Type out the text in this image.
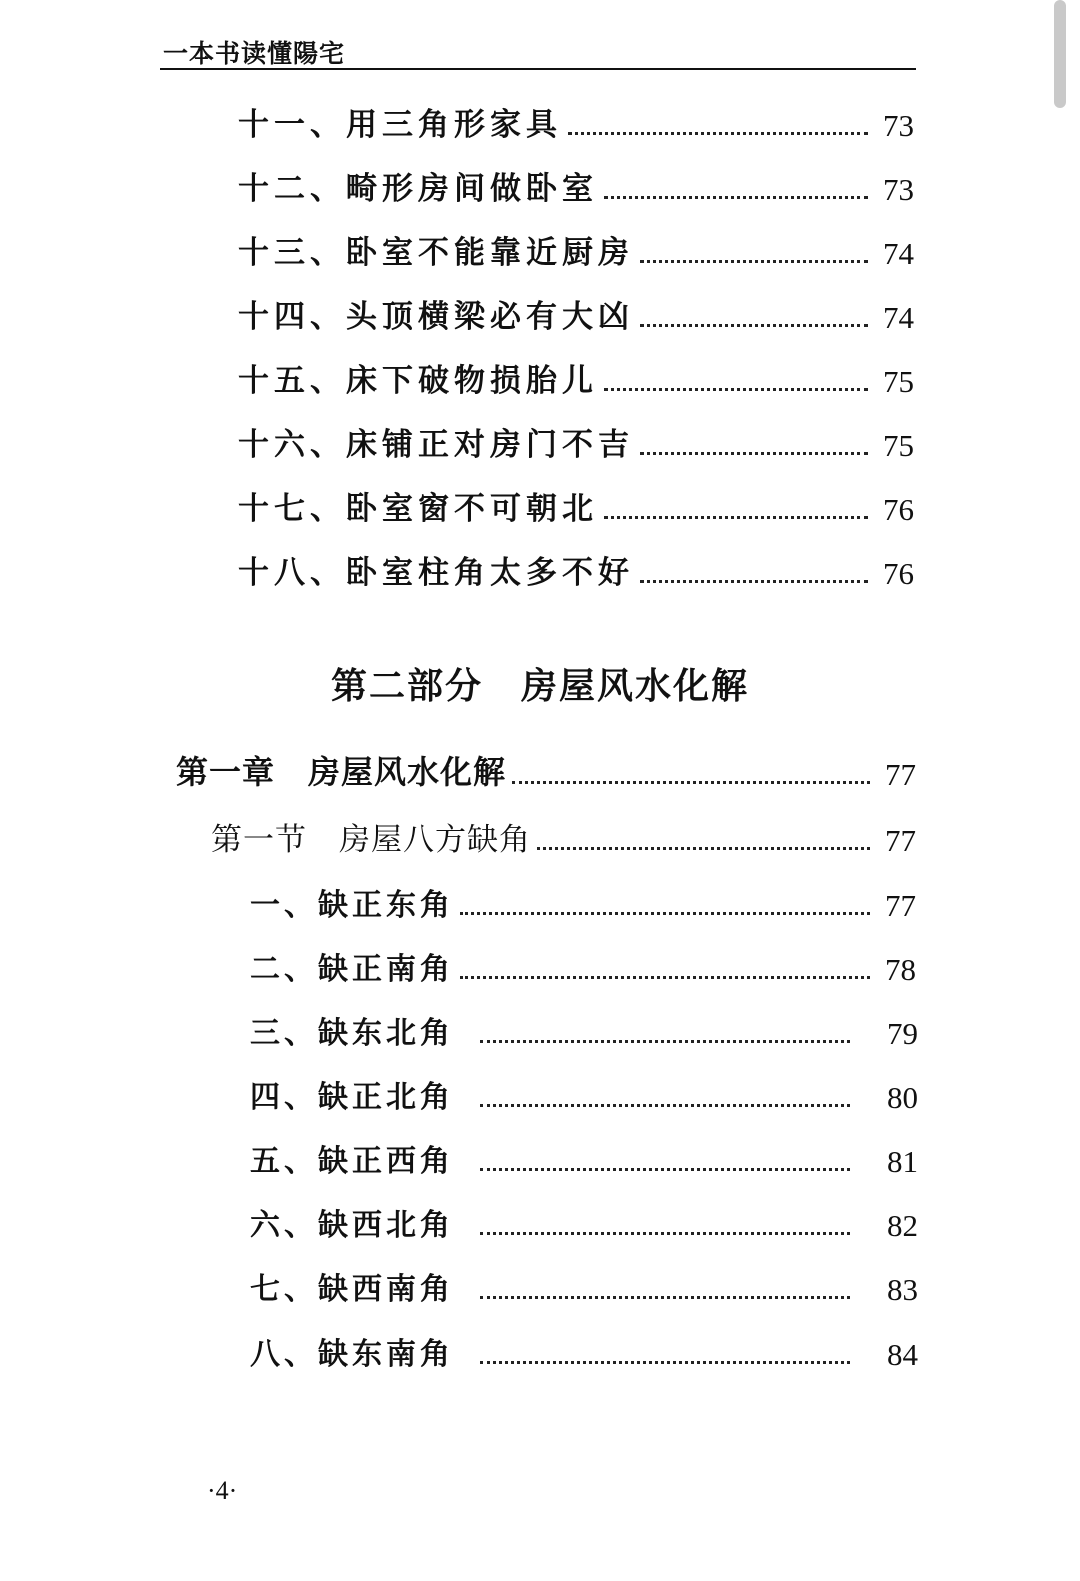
一本书读懂陽宅
十一、用三角形家具	73
十二、畸形房间做卧室	73
十三、卧室不能靠近厨房	74
十四、头顶横梁必有大凶	74
十五、床下破物损胎儿	75
十六、床铺正对房门不吉	75
十七、卧室窗不可朝北	76
十八、卧室柱角太多不好	76
第二部分　房屋风水化解
第一章　房屋风水化解	77
第一节　房屋八方缺角	77
一、缺正东角	77
二、缺正南角	78
三、缺东北角	79
四、缺正北角	80
五、缺正西角	81
六、缺西北角	82
七、缺西南角	83
八、缺东南角	84
·4·
